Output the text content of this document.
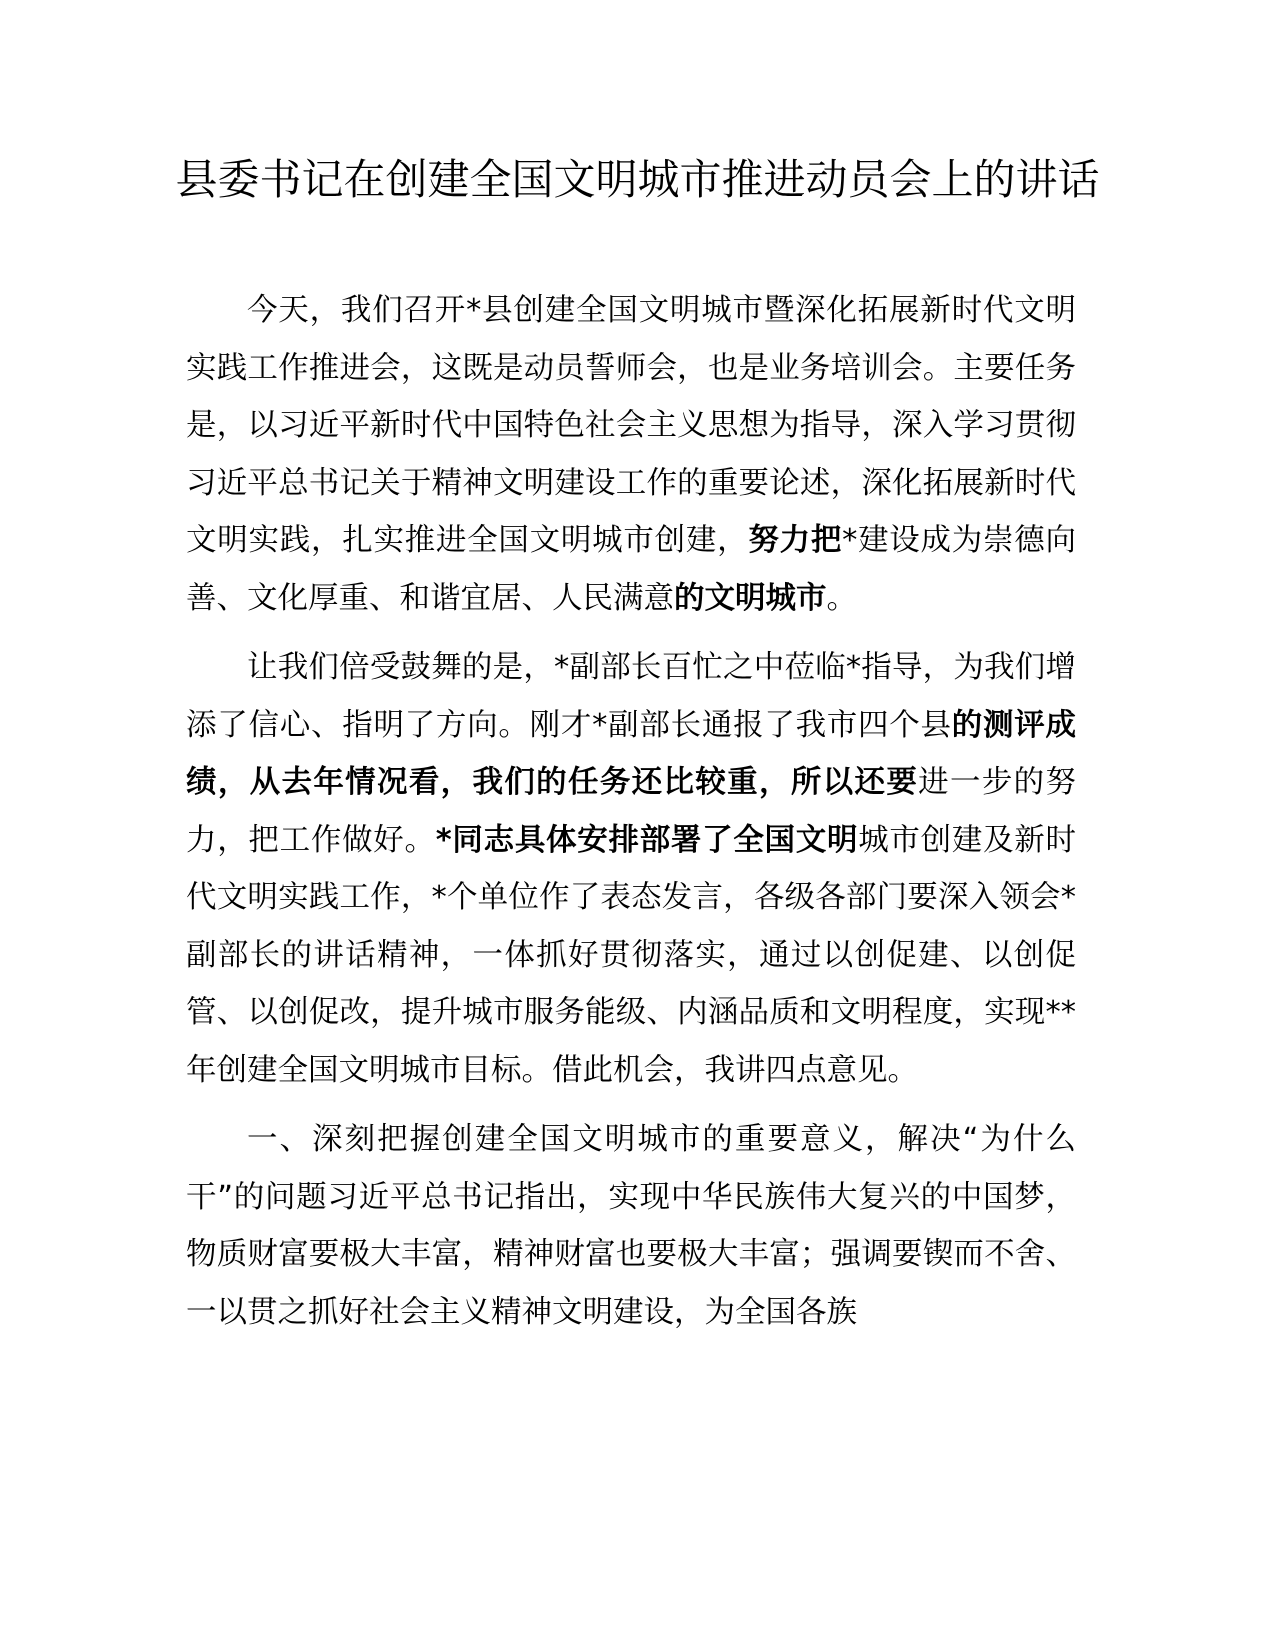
县委书记在创建全国文明城市推进动员会上的讲话

今天，我们召开*县创建全国文明城市暨深化拓展新时代文明实践工作推进会，这既是动员誓师会，也是业务培训会。主要任务是，以习近平新时代中国特色社会主义思想为指导，深入学习贯彻习近平总书记关于精神文明建设工作的重要论述，深化拓展新时代文明实践，扎实推进全国文明城市创建，努力把*建设成为崇德向善、文化厚重、和谐宜居、人民满意的文明城市。

让我们倍受鼓舞的是，*副部长百忙之中莅临*指导，为我们增添了信心、指明了方向。刚才*副部长通报了我市四个县的测评成绩，从去年情况看，我们的任务还比较重，所以还要进一步的努力，把工作做好。*同志具体安排部署了全国文明城市创建及新时代文明实践工作，*个单位作了表态发言，各级各部门要深入领会*副部长的讲话精神，一体抓好贯彻落实，通过以创促建、以创促管、以创促改，提升城市服务能级、内涵品质和文明程度，实现**年创建全国文明城市目标。借此机会，我讲四点意见。

一、深刻把握创建全国文明城市的重要意义，解决“为什么干”的问题习近平总书记指出，实现中华民族伟大复兴的中国梦，物质财富要极大丰富，精神财富也要极大丰富；强调要锲而不舍、一以贯之抓好社会主义精神文明建设，为全国各族
